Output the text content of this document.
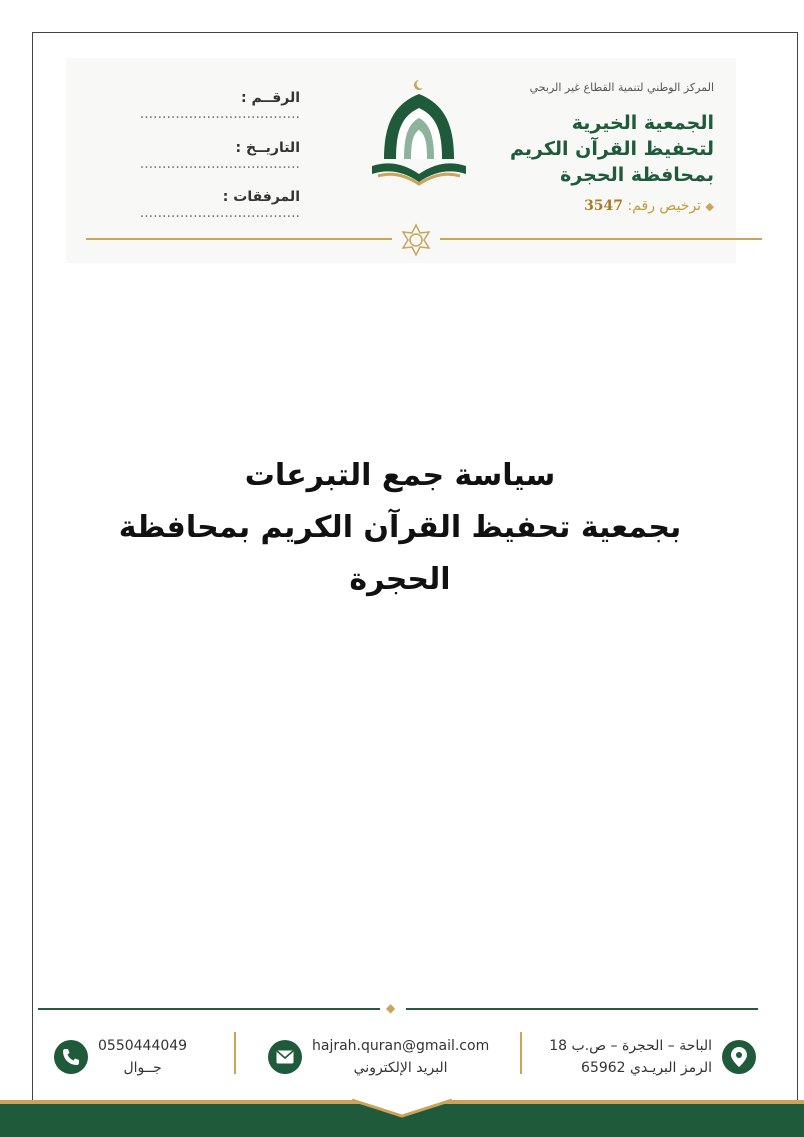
الرقــم : ....................................
التاريــخ : ....................................
المرفقات : ....................................
المركز الوطني لتنمية القطاع غير الربحي
الجمعية الخيرية
لتحفيظ القرآن الكريم
بمحافظة الحجرة
◆ ترخيص رقم: 3547
سياسة جمع التبرعات
بجمعية تحفيظ القرآن الكريم بمحافظة
الحجرة
◆
الباحة – الحجرة – ص.ب 18
الرمز البريـدي 65962
hajrah.quran@gmail.com
البريد الإلكتروني
0550444049
جــوال
